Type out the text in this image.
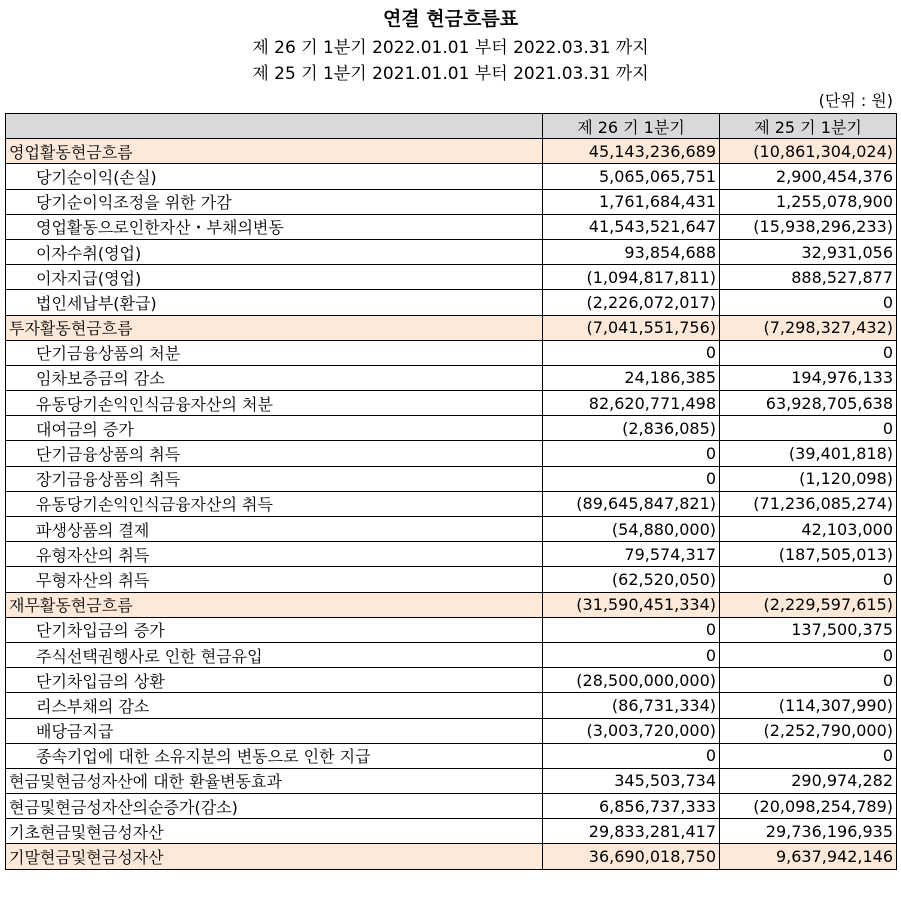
연결 현금흐름표
제 26 기 1분기 2022.01.01 부터 2022.03.31 까지
제 25 기 1분기 2021.01.01 부터 2021.03.31 까지
(단위 : 원)
	제 26 기 1분기	제 25 기 1분기
영업활동현금흐름	45,143,236,689	(10,861,304,024)
당기순이익(손실)	5,065,065,751	2,900,454,376
당기순이익조정을 위한 가감	1,761,684,431	1,255,078,900
영업활동으로인한자산・부채의변동	41,543,521,647	(15,938,296,233)
이자수취(영업)	93,854,688	32,931,056
이자지급(영업)	(1,094,817,811)	888,527,877
법인세납부(환급)	(2,226,072,017)	0
투자활동현금흐름	(7,041,551,756)	(7,298,327,432)
단기금융상품의 처분	0	0
임차보증금의 감소	24,186,385	194,976,133
유동당기손익인식금융자산의 처분	82,620,771,498	63,928,705,638
대여금의 증가	(2,836,085)	0
단기금융상품의 취득	0	(39,401,818)
장기금융상품의 취득	0	(1,120,098)
유동당기손익인식금융자산의 취득	(89,645,847,821)	(71,236,085,274)
파생상품의 결제	(54,880,000)	42,103,000
유형자산의 취득	79,574,317	(187,505,013)
무형자산의 취득	(62,520,050)	0
재무활동현금흐름	(31,590,451,334)	(2,229,597,615)
단기차입금의 증가	0	137,500,375
주식선택권행사로 인한 현금유입	0	0
단기차입금의 상환	(28,500,000,000)	0
리스부채의 감소	(86,731,334)	(114,307,990)
배당금지급	(3,003,720,000)	(2,252,790,000)
종속기업에 대한 소유지분의 변동으로 인한 지급	0	0
현금및현금성자산에 대한 환율변동효과	345,503,734	290,974,282
현금및현금성자산의순증가(감소)	6,856,737,333	(20,098,254,789)
기초현금및현금성자산	29,833,281,417	29,736,196,935
기말현금및현금성자산	36,690,018,750	9,637,942,146
